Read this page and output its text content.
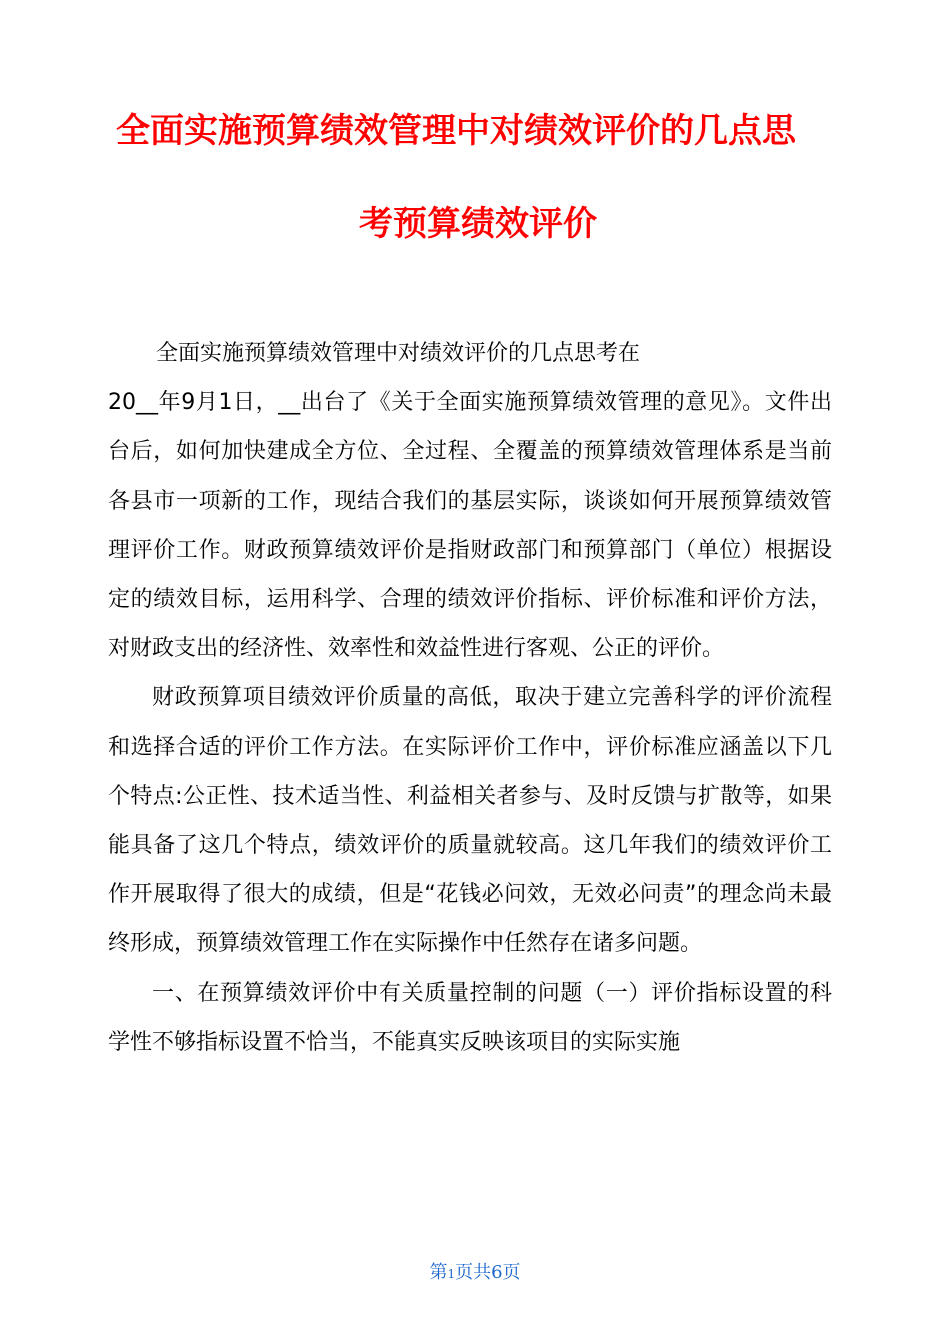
全面实施预算绩效管理中对绩效评价的几点思
考预算绩效评价

全面实施预算绩效管理中对绩效评价的几点思考在
20__年9月1日，__出台了《关于全面实施预算绩效管理的意见》。文件出台后，如何加快建成全方位、全过程、全覆盖的预算绩效管理体系是当前各县市一项新的工作，现结合我们的基层实际，谈谈如何开展预算绩效管理评价工作。财政预算绩效评价是指财政部门和预算部门（单位）根据设定的绩效目标，运用科学、合理的绩效评价指标、评价标准和评价方法，对财政支出的经济性、效率性和效益性进行客观、公正的评价。

财政预算项目绩效评价质量的高低，取决于建立完善科学的评价流程和选择合适的评价工作方法。在实际评价工作中，评价标准应涵盖以下几个特点:公正性、技术适当性、利益相关者参与、及时反馈与扩散等，如果能具备了这几个特点，绩效评价的质量就较高。这几年我们的绩效评价工作开展取得了很大的成绩，但是“花钱必问效，无效必问责”的理念尚未最终形成，预算绩效管理工作在实际操作中任然存在诸多问题。

一、在预算绩效评价中有关质量控制的问题（一）评价指标设置的科学性不够指标设置不恰当，不能真实反映该项目的实际实施

第1页共6页
